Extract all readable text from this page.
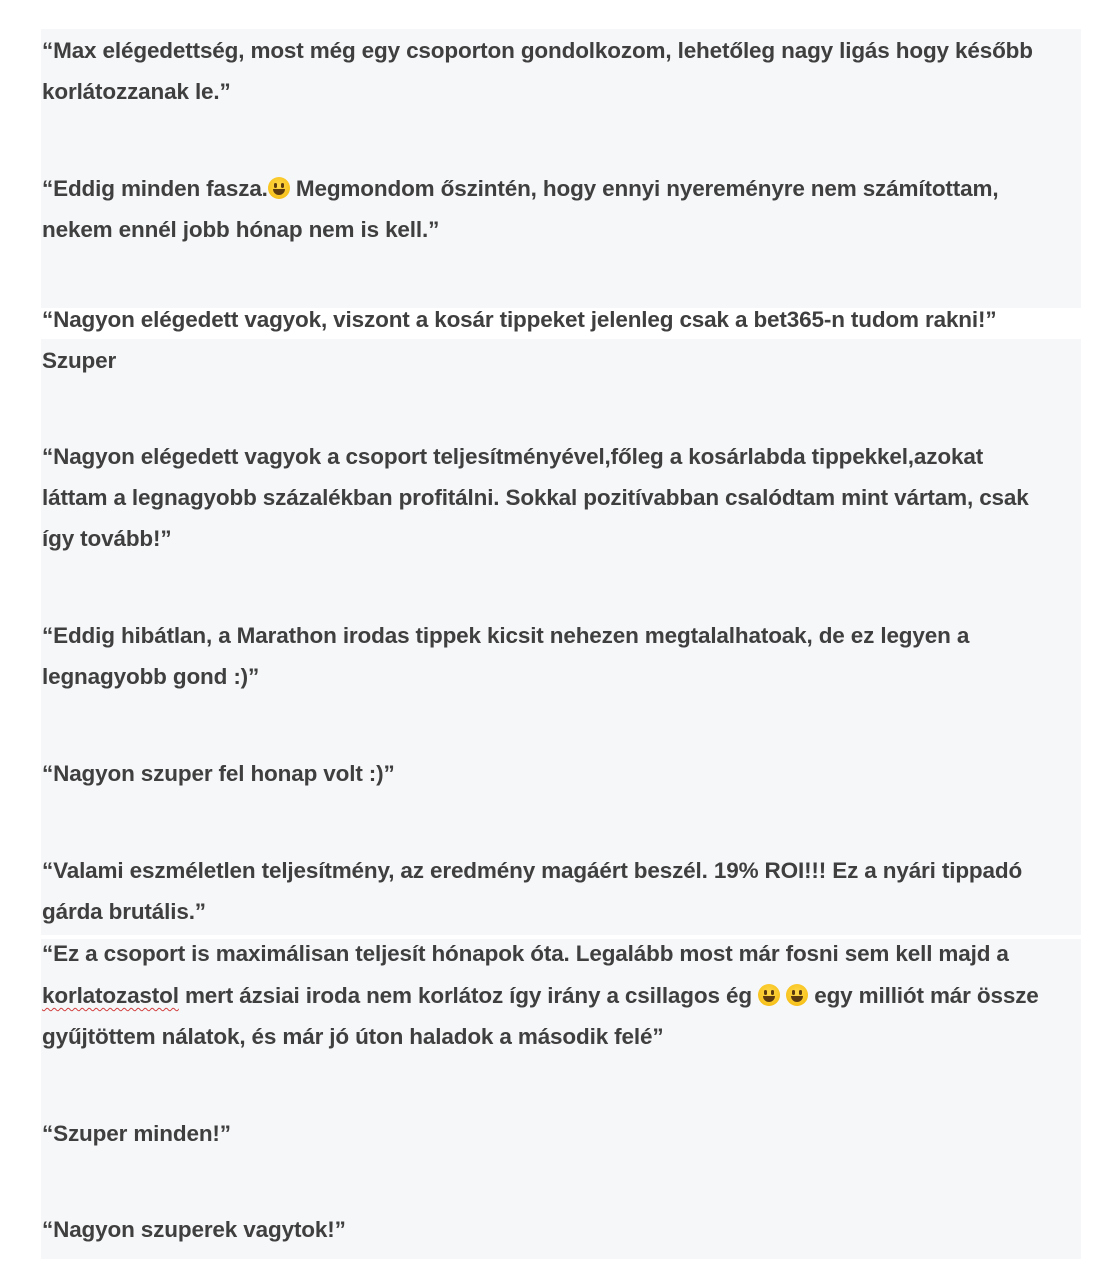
“Max elégedettség, most még egy csoporton gondolkozom, lehetőleg nagy ligás hogy később

korlátozzanak le.”

“Eddig minden fasza. Megmondom őszintén, hogy ennyi nyereményre nem számítottam,

nekem ennél jobb hónap nem is kell.”

“Nagyon elégedett vagyok, viszont a kosár tippeket jelenleg csak a bet365-n tudom rakni!”

Szuper

“Nagyon elégedett vagyok a csoport teljesítményével,főleg a kosárlabda tippekkel,azokat

láttam a legnagyobb százalékban profitálni. Sokkal pozitívabban csalódtam mint vártam, csak

így tovább!”

“Eddig hibátlan, a Marathon irodas tippek kicsit nehezen megtalalhatoak, de ez legyen a

legnagyobb gond :)”

“Nagyon szuper fel honap volt :)”

“Valami eszméletlen teljesítmény, az eredmény magáért beszél. 19% ROI!!! Ez a nyári tippadó

gárda brutális.”

“Ez a csoport is maximálisan teljesít hónapok óta. Legalább most már fosni sem kell majd a

korlatozastol mert ázsiai iroda nem korlátoz így irány a csillagos ég   egy milliót már össze

gyűjtöttem nálatok, és már jó úton haladok a második felé”

“Szuper minden!”

“Nagyon szuperek vagytok!”
